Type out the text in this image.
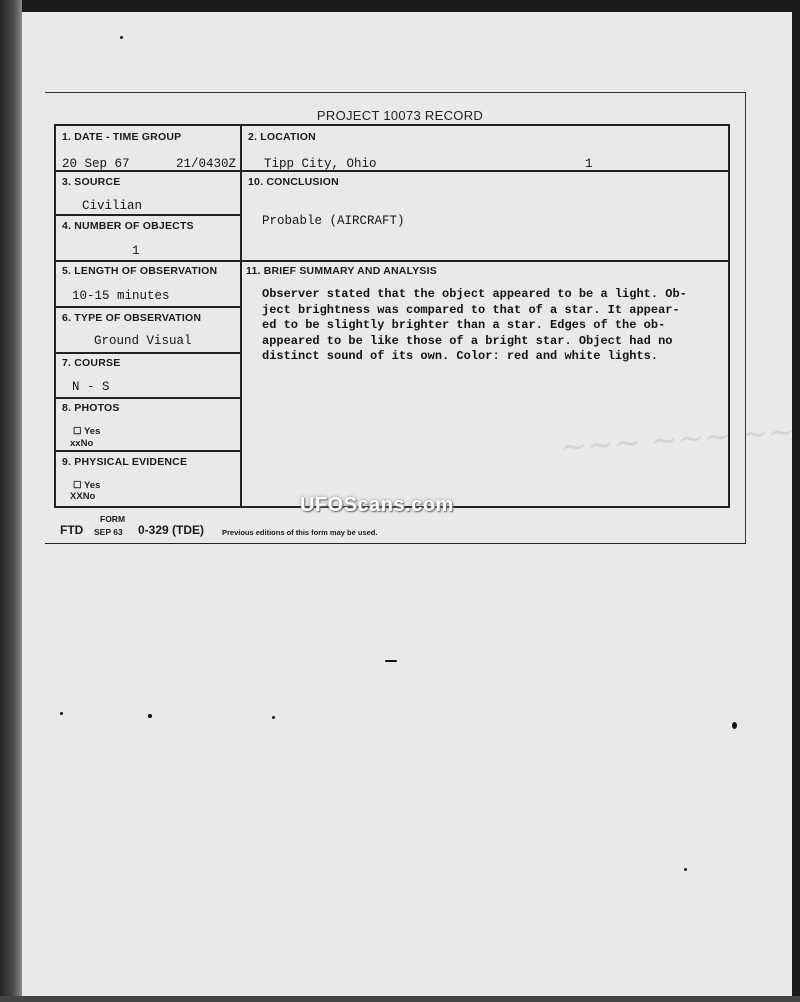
PROJECT 10073 RECORD
1. DATE - TIME GROUP
20 Sep 67	21/0430Z
2. LOCATION
Tipp City, Ohio	1
3. SOURCE
Civilian
4. NUMBER OF OBJECTS
1
10. CONCLUSION
Probable (AIRCRAFT)
5. LENGTH OF OBSERVATION
10-15 minutes
11. BRIEF SUMMARY AND ANALYSIS
Observer stated that the object appeared to be a light. Ob-
ject brightness was compared to that of a star. It appear-
ed to be slightly brighter than a star. Edges of the ob-
appeared to be like those of a bright star. Object had no
distinct sound of its own. Color: red and white lights.
6. TYPE OF OBSERVATION
Ground Visual
7. COURSE
N - S
8. PHOTOS
☐ Yes
xxNo
9. PHYSICAL EVIDENCE
☐ Yes
XXNo
FORM
FTD SEP 63 0-329 (TDE) Previous editions of this form may be used.
~~~ ~~~ ~~
UFOScans.com
